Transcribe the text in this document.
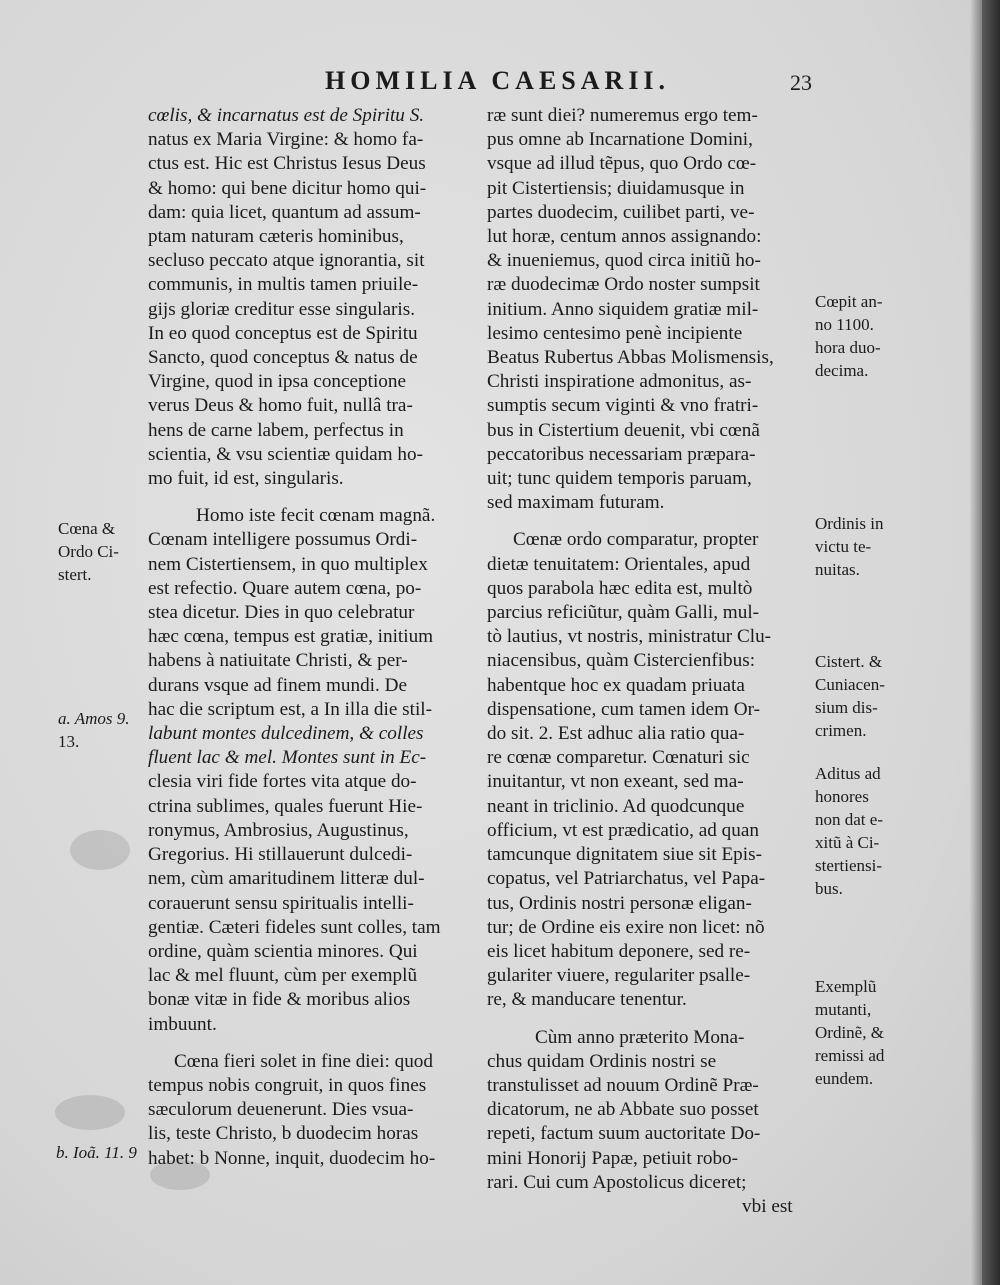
HOMILIA CAESARII.	23
cœlis, & incarnatus est de Spiritu S.
natus ex Maria Virgine: & homo fa-
ctus est. Hic est Christus Iesus Deus
& homo: qui bene dicitur homo qui-
dam: quia licet, quantum ad assum-
ptam naturam cæteris hominibus,
secluso peccato atque ignorantia, sit
communis, in multis tamen priuile-
gijs gloriæ creditur esse singularis.
In eo quod conceptus est de Spiritu
Sancto, quod conceptus & natus de
Virgine, quod in ipsa conceptione
verus Deus & homo fuit, nullâ tra-
hens de carne labem, perfectus in
scientia, & vsu scientiæ quidam ho-
mo fuit, id est, singularis.
Homo iste fecit cœnam magnã.
Cœnam intelligere possumus Ordi-
nem Cistertiensem, in quo multiplex
est refectio. Quare autem cœna, po-
stea dicetur. Dies in quo celebratur
hæc cœna, tempus est gratiæ, initium
habens à natiuitate Christi, & per-
durans vsque ad finem mundi. De
hac die scriptum est, a In illa die stil-
labunt montes dulcedinem, & colles
fluent lac & mel. Montes sunt in Ec-
clesia viri fide fortes vita atque do-
ctrina sublimes, quales fuerunt Hie-
ronymus, Ambrosius, Augustinus,
Gregorius. Hi stillauerunt dulcedi-
nem, cùm amaritudinem litteræ dul-
corauerunt sensu spiritualis intelli-
gentiæ. Cæteri fideles sunt colles, tam
ordine, quàm scientia minores. Qui
lac & mel fluunt, cùm per exemplũ
bonæ vitæ in fide & moribus alios
imbuunt.
Cœna fieri solet in fine diei: quod
tempus nobis congruit, in quos fines
sæculorum deuenerunt. Dies vsua-
lis, teste Christo, b duodecim horas
habet: b Nonne, inquit, duodecim ho-
ræ sunt diei? numeremus ergo tem-
pus omne ab Incarnatione Domini,
vsque ad illud tẽpus, quo Ordo cœ-
pit Cistertiensis; diuidamusque in
partes duodecim, cuilibet parti, ve-
lut horæ, centum annos assignando:
& inueniemus, quod circa initiũ ho-
ræ duodecimæ Ordo noster sumpsit
initium. Anno siquidem gratiæ mil-
lesimo centesimo penè incipiente
Beatus Rubertus Abbas Molismensis,
Christi inspiratione admonitus, as-
sumptis secum viginti & vno fratri-
bus in Cistertium deuenit, vbi cœnã
peccatoribus necessariam præpara-
uit; tunc quidem temporis paruam,
sed maximam futuram.
Cœnæ ordo comparatur, propter
dietæ tenuitatem: Orientales, apud
quos parabola hæc edita est, multò
parcius reficiũtur, quàm Galli, mul-
tò lautius, vt nostris, ministratur Clu-
niacensibus, quàm Cistercienfibus:
habentque hoc ex quadam priuata
dispensatione, cum tamen idem Or-
do sit. 2. Est adhuc alia ratio qua-
re cœnæ comparetur. Cœnaturi sic
inuitantur, vt non exeant, sed ma-
neant in triclinio. Ad quodcunque
officium, vt est prædicatio, ad quan
tamcunque dignitatem siue sit Epis-
copatus, vel Patriarchatus, vel Papa-
tus, Ordinis nostri personæ eligan-
tur; de Ordine eis exire non licet: nõ
eis licet habitum deponere, sed re-
gulariter viuere, regulariter psalle-
re, & manducare tenentur.
Cùm anno præterito Mona-
chus quidam Ordinis nostri se
transtulisset ad nouum Ordinẽ Præ-
dicatorum, ne ab Abbate suo posset
repeti, factum suum auctoritate Do-
mini Honorij Papæ, petiuit robo-
rari. Cui cum Apostolicus diceret;
vbi est
Cœna &
Ordo Ci-
stert.
a. Amos 9.
13.
b. Ioã. 11. 9
Cœpit an-
no 1100.
hora duo-
decima.
Ordinis in
victu te-
nuitas.
Cistert. &
Cuniacen-
sium dis-
crimen.
Aditus ad
honores
non dat e-
xitũ à Ci-
stertiensi-
bus.
Exemplũ
mutanti,
Ordinẽ, &
remissi ad
eundem.
